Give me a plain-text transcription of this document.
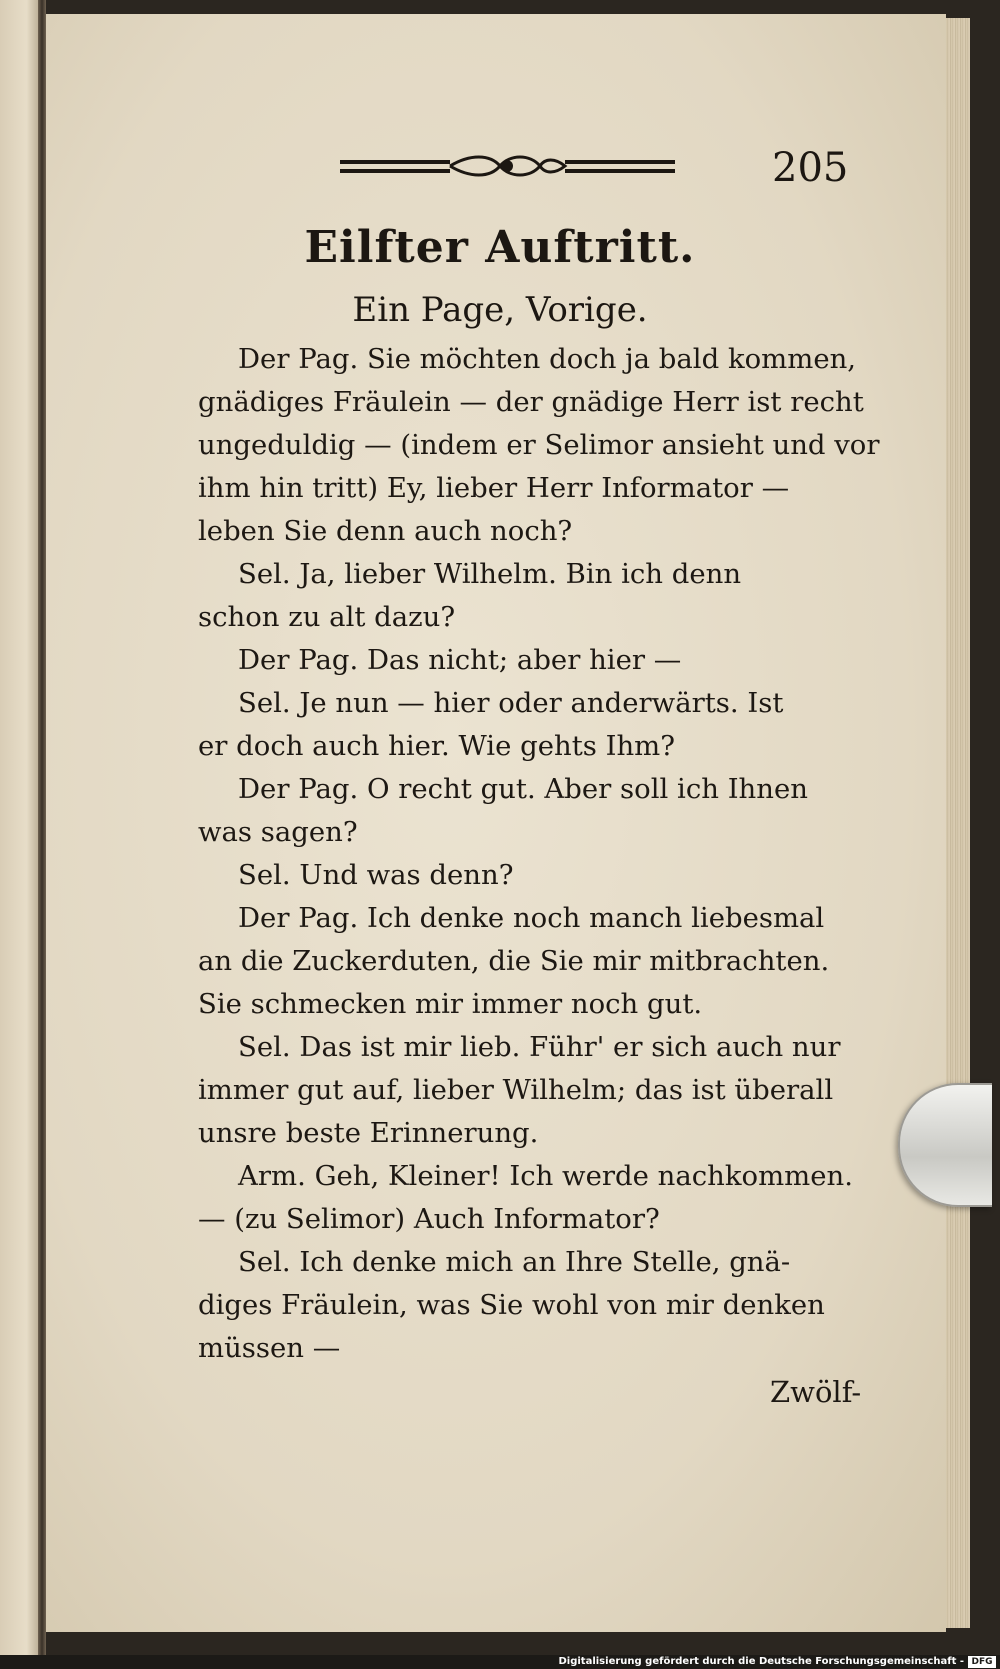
205
Eilfter Auftritt.
Ein Page, Vorige.
Der Pag. Sie möchten doch ja bald kommen,
gnädiges Fräulein — der gnädige Herr ist recht
ungeduldig — (indem er Selimor ansieht und vor
ihm hin tritt) Ey, lieber Herr Informator —
leben Sie denn auch noch?
Sel. Ja, lieber Wilhelm. Bin ich denn
schon zu alt dazu?
Der Pag. Das nicht; aber hier —
Sel. Je nun — hier oder anderwärts. Ist
er doch auch hier. Wie gehts Ihm?
Der Pag. O recht gut. Aber soll ich Ihnen
was sagen?
Sel. Und was denn?
Der Pag. Ich denke noch manch liebesmal
an die Zuckerduten, die Sie mir mitbrachten.
Sie schmecken mir immer noch gut.
Sel. Das ist mir lieb. Führ' er sich auch nur
immer gut auf, lieber Wilhelm; das ist überall
unsre beste Erinnerung.
Arm. Geh, Kleiner! Ich werde nachkommen.
— (zu Selimor) Auch Informator?
Sel. Ich denke mich an Ihre Stelle, gnä-
diges Fräulein, was Sie wohl von mir denken
müssen —
Zwölf-
Digitalisierung gefördert durch die Deutsche Forschungsgemeinschaft - DFG
